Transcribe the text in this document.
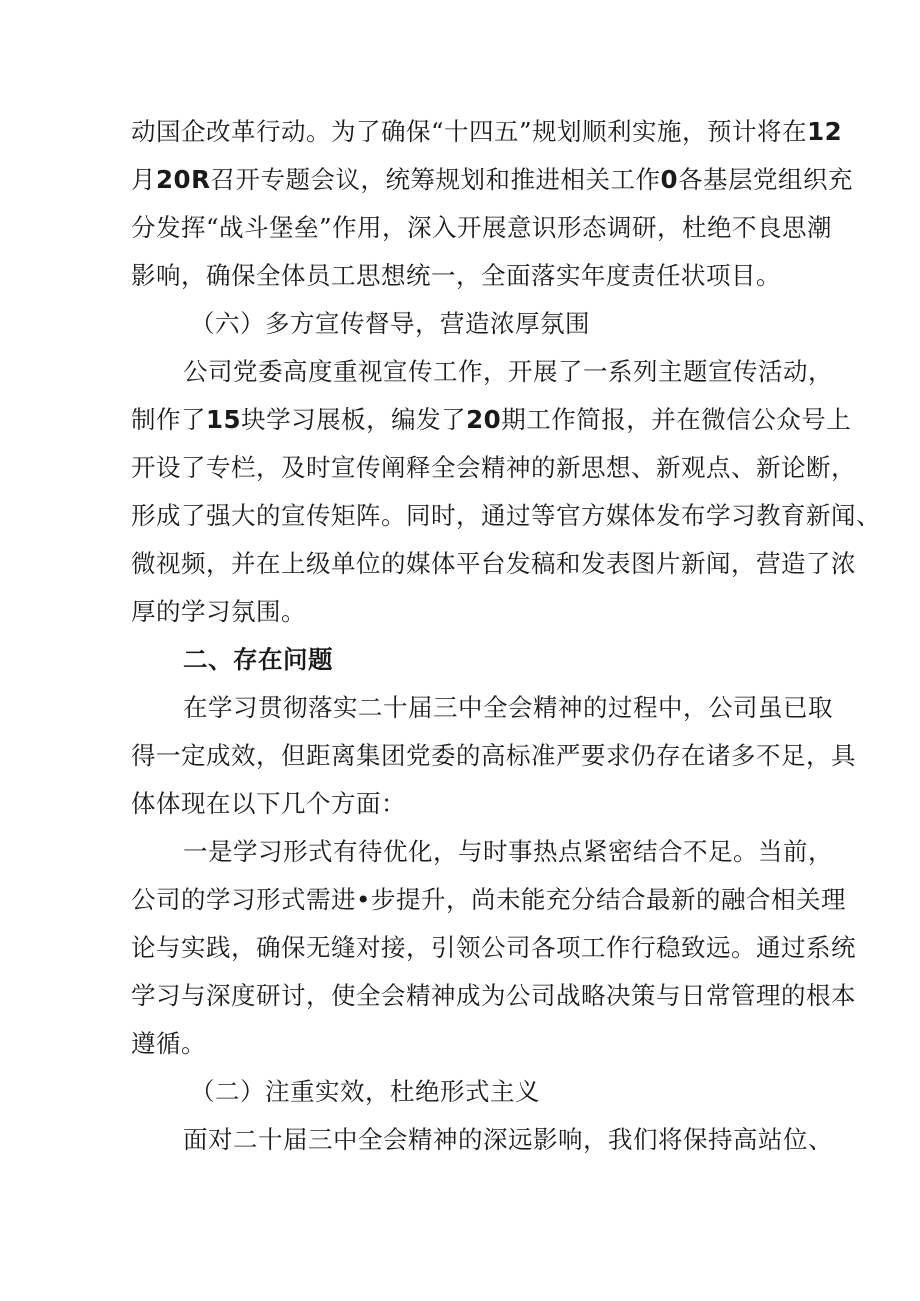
动国企改革行动。为了确保“十四五”规划顺利实施，预计将在12
月20R召开专题会议，统筹规划和推进相关工作0各基层党组织充
分发挥“战斗堡垒”作用，深入开展意识形态调研，杜绝不良思潮
影响，确保全体员工思想统一，全面落实年度责任状项目。
（六）多方宣传督导，营造浓厚氛围
公司党委高度重视宣传工作，开展了一系列主题宣传活动，
制作了15块学习展板，编发了20期工作简报，并在微信公众号上
开设了专栏，及时宣传阐释全会精神的新思想、新观点、新论断，
形成了强大的宣传矩阵。同时，通过等官方媒体发布学习教育新闻、
微视频，并在上级单位的媒体平台发稿和发表图片新闻，营造了浓
厚的学习氛围。
二、存在问题
在学习贯彻落实二十届三中全会精神的过程中，公司虽已取
得一定成效，但距离集团党委的高标准严要求仍存在诸多不足，具
体体现在以下几个方面：
一是学习形式有待优化，与时事热点紧密结合不足。当前，
公司的学习形式需进•步提升，尚未能充分结合最新的融合相关理
论与实践，确保无缝对接，引领公司各项工作行稳致远。通过系统
学习与深度研讨，使全会精神成为公司战略决策与日常管理的根本
遵循。
（二）注重实效，杜绝形式主义
面对二十届三中全会精神的深远影响，我们将保持高站位、
